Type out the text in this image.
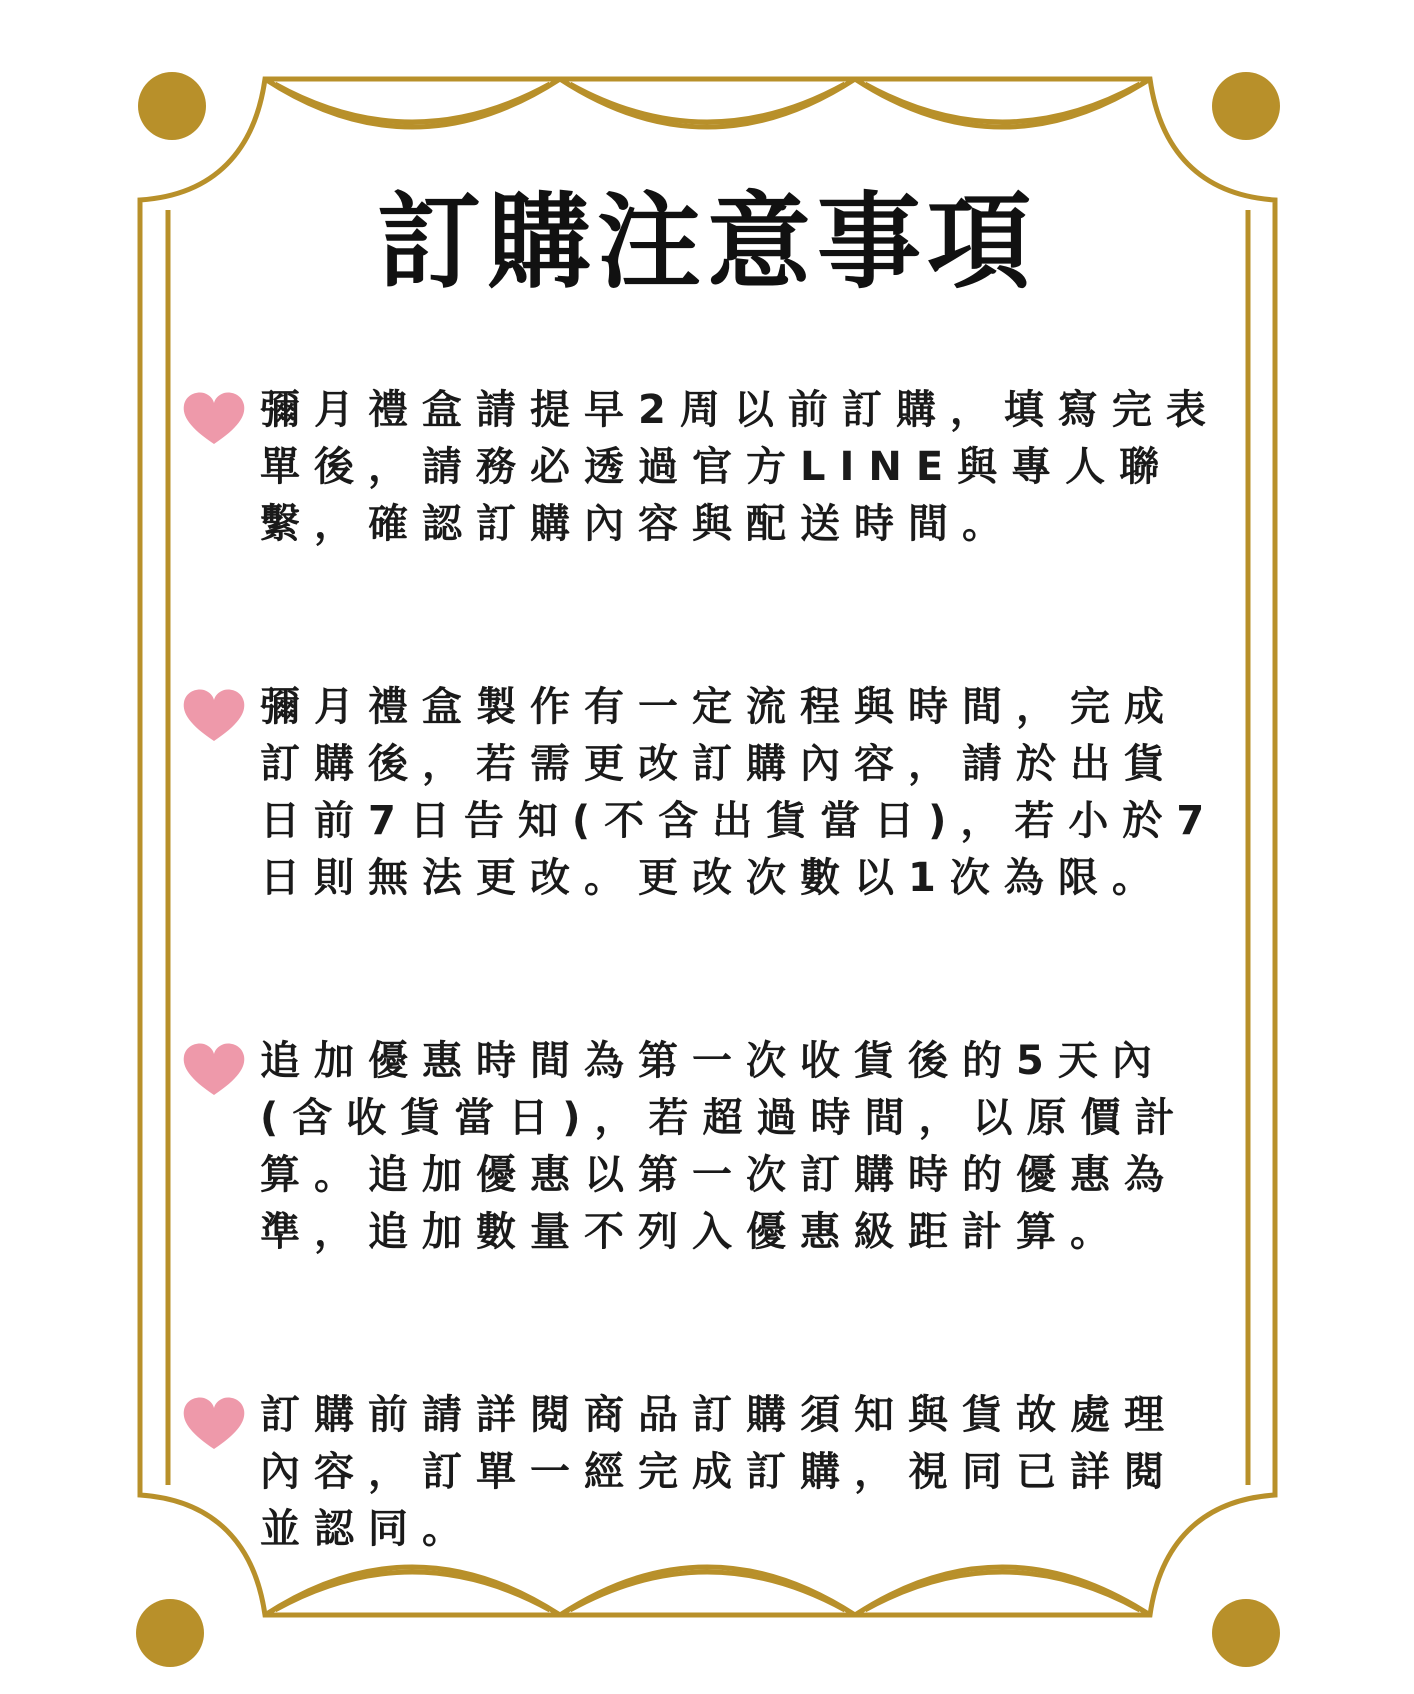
訂購注意事項
彌月禮盒請提早2周以前訂購，填寫完表
單後，請務必透過官方LINE與專人聯
繫，確認訂購內容與配送時間。
彌月禮盒製作有一定流程與時間，完成
訂購後，若需更改訂購內容，請於出貨
日前7日告知(不含出貨當日)，若小於7
日則無法更改。更改次數以1次為限。
追加優惠時間為第一次收貨後的5天內
(含收貨當日)，若超過時間，以原價計
算。追加優惠以第一次訂購時的優惠為
準，追加數量不列入優惠級距計算。
訂購前請詳閱商品訂購須知與貨故處理
內容，訂單一經完成訂購，視同已詳閱
並認同。
